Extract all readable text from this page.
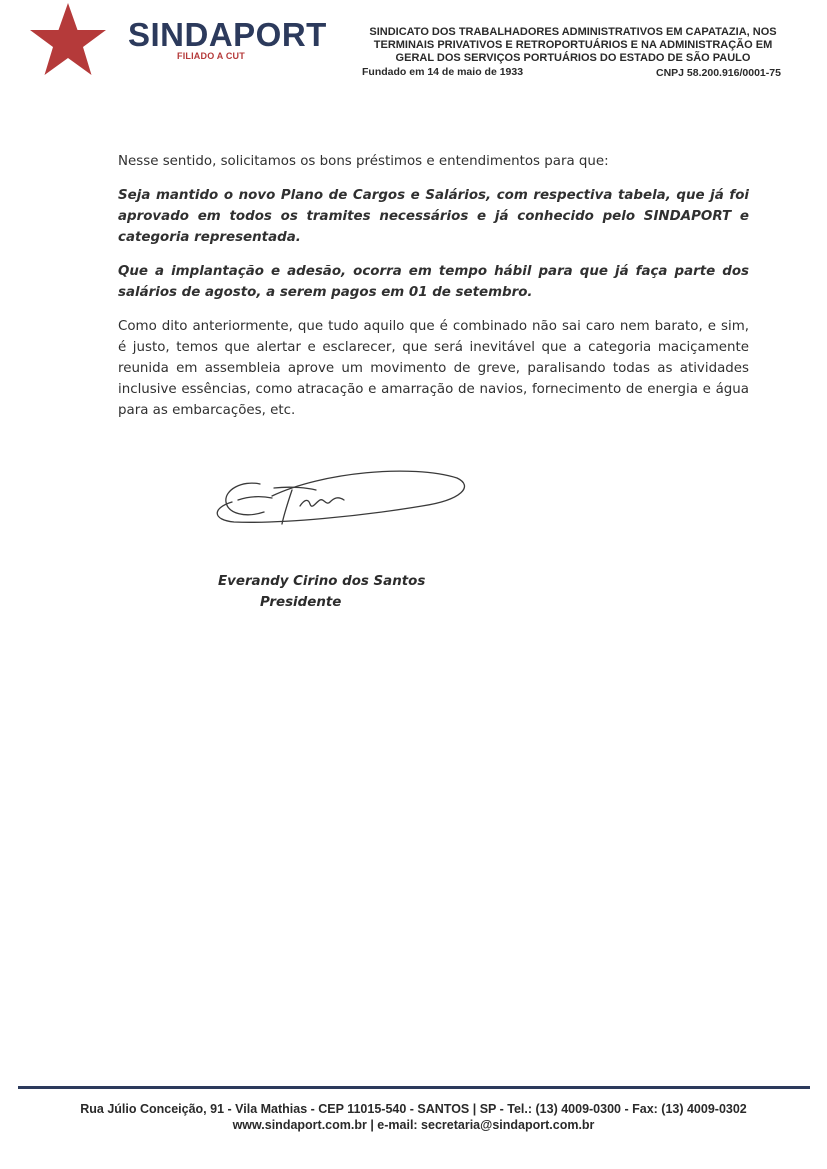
SINDAPORT
FILIADO A CUT
SINDICATO DOS TRABALHADORES ADMINISTRATIVOS EM CAPATAZIA, NOS
TERMINAIS PRIVATIVOS E RETROPORTUÁRIOS E NA ADMINISTRAÇÃO EM
GERAL DOS SERVIÇOS PORTUÁRIOS DO ESTADO DE SÃO PAULO
Fundado em 14 de maio de 1933	CNPJ 58.200.916/0001-75

Nesse sentido, solicitamos os bons préstimos e entendimentos para que:

Seja mantido o novo Plano de Cargos e Salários, com respectiva tabela, que já foi aprovado em todos os tramites necessários e já conhecido pelo SINDAPORT e categoria representada.

Que a implantação e adesão, ocorra em tempo hábil para que já faça parte dos salários de agosto, a serem pagos em 01 de setembro.

Como dito anteriormente, que tudo aquilo que é combinado não sai caro nem barato, e sim, é justo, temos que alertar e esclarecer, que será inevitável que a categoria maciçamente reunida em assembleia aprove um movimento de greve, paralisando todas as atividades inclusive essências, como atracação e amarração de navios, fornecimento de energia e água para as embarcações, etc.

Everandy Cirino dos Santos
Presidente
Rua Júlio Conceição, 91 - Vila Mathias - CEP 11015-540 - SANTOS | SP - Tel.: (13) 4009-0300 - Fax: (13) 4009-0302
www.sindaport.com.br | e-mail: secretaria@sindaport.com.br
